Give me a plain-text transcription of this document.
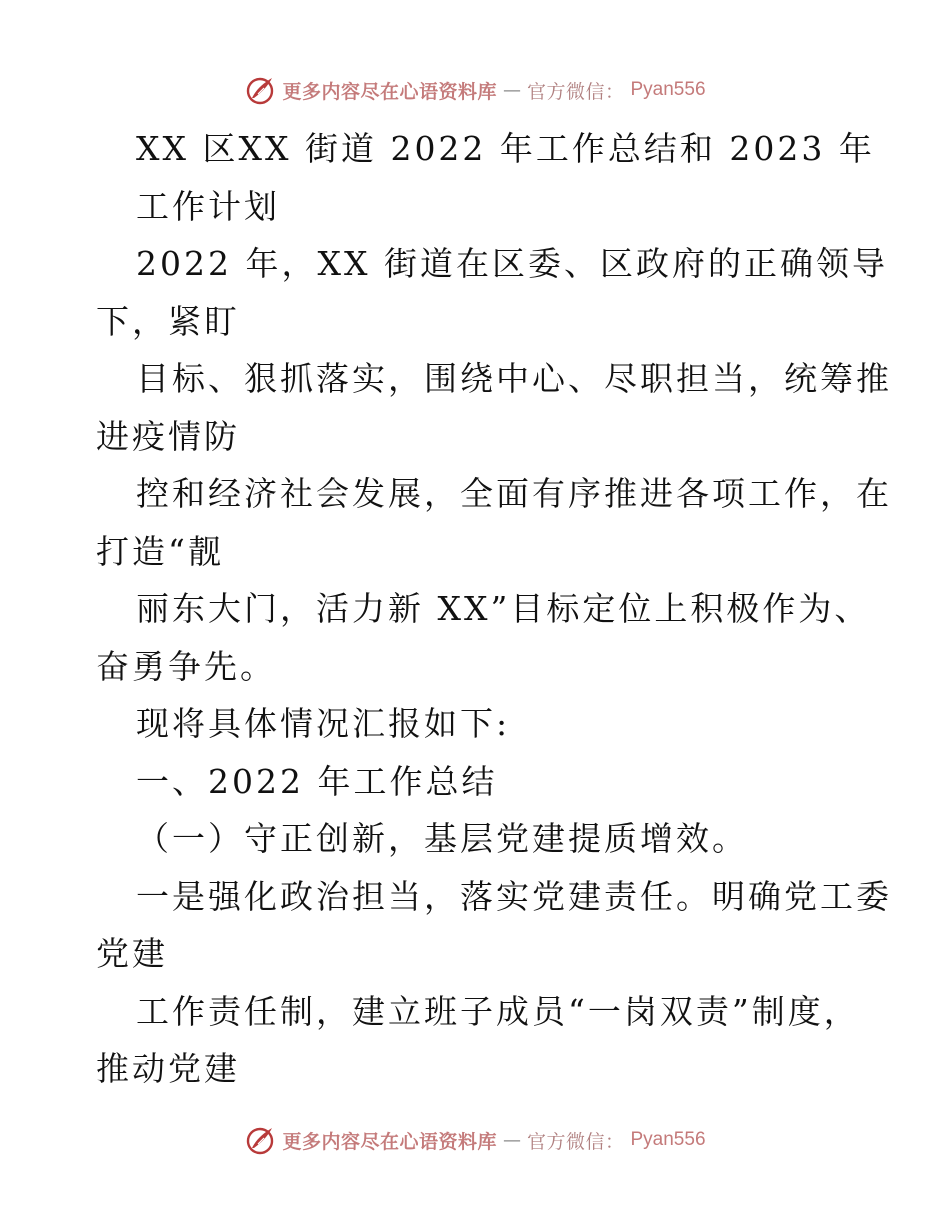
更多内容尽在心语资料库 — 官方微信： Pyan556
XX 区XX 街道 2022 年工作总结和 2023 年
工作计划
2022 年，XX 街道在区委、区政府的正确领导
下，紧盯
目标、狠抓落实，围绕中心、尽职担当，统筹推
进疫情防
控和经济社会发展，全面有序推进各项工作，在
打造“靓
丽东大门，活力新 XX”目标定位上积极作为、
奋勇争先。
现将具体情况汇报如下:
一、2022 年工作总结
（一）守正创新，基层党建提质增效。
一是强化政治担当，落实党建责任。明确党工委
党建
工作责任制，建立班子成员“一岗双责”制度，
推动党建
更多内容尽在心语资料库 — 官方微信： Pyan556
